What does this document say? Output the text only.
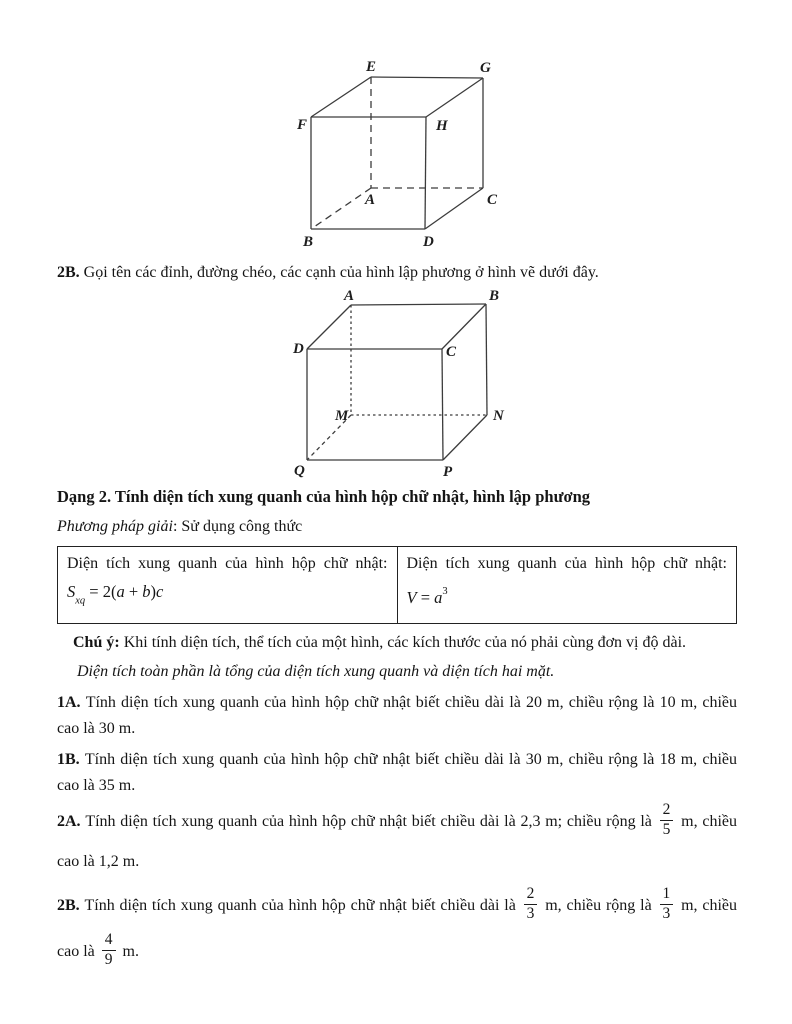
E	G
F	H
A	C
B	D

2B. Gọi tên các đỉnh, đường chéo, các cạnh của hình lập phương ở hình vẽ dưới đây.

A	B
D	C
M	N
Q	P

Dạng 2. Tính diện tích xung quanh của hình hộp chữ nhật, hình lập phương

Phương pháp giải: Sử dụng công thức

Diện tích xung quanh của hình hộp chữ nhật:
$S_{xq} = 2(a + b)c$

Diện tích xung quanh của hình hộp chữ nhật:
$V = a^3$

Chú ý: Khi tính diện tích, thể tích của một hình, các kích thước của nó phải cùng đơn vị độ dài.

Diện tích toàn phần là tổng của diện tích xung quanh và diện tích hai mặt.

1A. Tính diện tích xung quanh của hình hộp chữ nhật biết chiều dài là 20 m, chiều rộng là 10 m, chiều cao là 30 m.

1B. Tính diện tích xung quanh của hình hộp chữ nhật biết chiều dài là 30 m, chiều rộng là 18 m, chiều cao là 35 m.

2A. Tính diện tích xung quanh của hình hộp chữ nhật biết chiều dài là 2,3 m; chiều rộng là $\frac{2}{5} m$, chiều cao là 1,2 m.

2B. Tính diện tích xung quanh của hình hộp chữ nhật biết chiều dài là $\frac{2}{3} m$, chiều rộng là $\frac{1}{3} m$, chiều cao là $\frac{4}{9} m$.
